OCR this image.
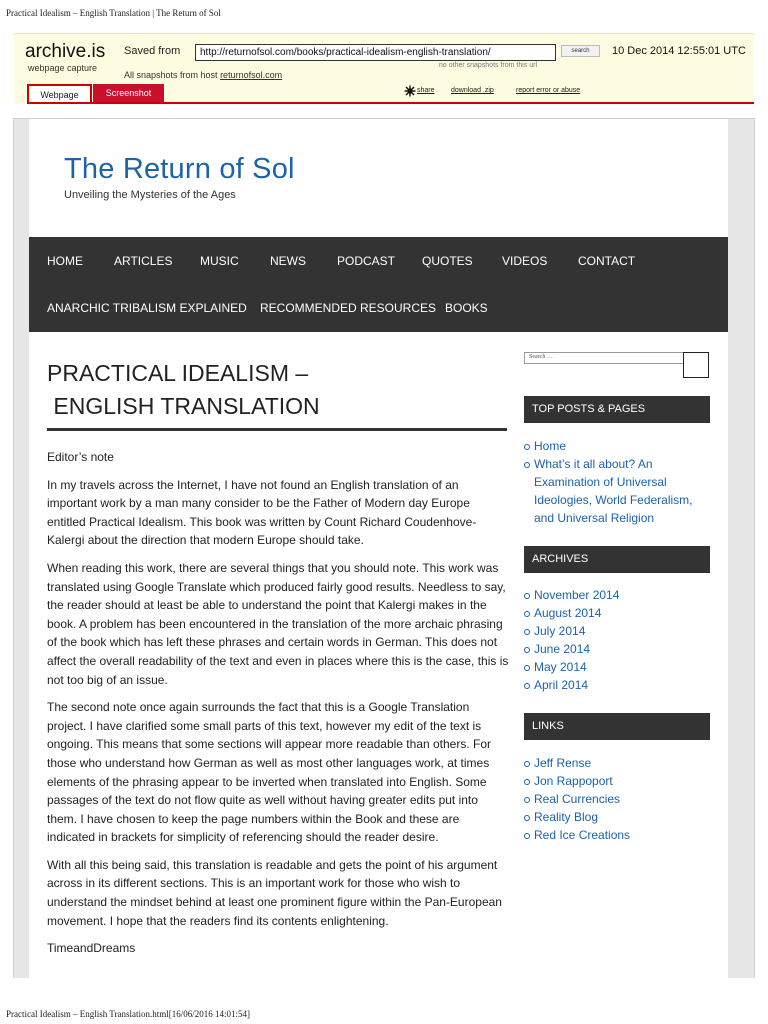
Practical Idealism – English Translation | The Return of Sol
archive.is
webpage capture
Saved from	http://returnofsol.com/books/practical-idealism-english-translation/	search	10 Dec 2014 12:55:01 UTC
no other snapshots from this url
All snapshots from host returnofsol.com
Webpage	Screenshot	share download .zip	report error or abuse
The Return of Sol
Unveiling the Mysteries of the Ages
HOME	ARTICLES MUSIC	NEWS	PODCAST QUOTES VIDEOS	CONTACT
ANARCHIC TRIBALISM EXPLAINED RECOMMENDED RESOURCES BOOKS
PRACTICAL IDEALISM –
ENGLISH TRANSLATION

Editor’s note

In my travels across the Internet, I have not found an English translation of an important work by a man many consider to be the Father of Modern day Europe entitled Practical Idealism. This book was written by Count Richard Coudenhove-Kalergi about the direction that modern Europe should take.

When reading this work, there are several things that you should note. This work was translated using Google Translate which produced fairly good results. Needless to say, the reader should at least be able to understand the point that Kalergi makes in the book. A problem has been encountered in the translation of the more archaic phrasing of the book which has left these phrases and certain words in German. This does not affect the overall readability of the text and even in places where this is the case, this is not too big of an issue.

The second note once again surrounds the fact that this is a Google Translation project. I have clarified some small parts of this text, however my edit of the text is ongoing. This means that some sections will appear more readable than others. For those who understand how German as well as most other languages work, at times elements of the phrasing appear to be inverted when translated into English. Some passages of the text do not flow quite as well without having greater edits put into them. I have chosen to keep the page numbers within the Book and these are indicated in brackets for simplicity of referencing should the reader desire.

With all this being said, this translation is readable and gets the point of his argument across in its different sections. This is an important work for those who wish to understand the mindset behind at least one prominent figure within the Pan-European movement. I hope that the readers find its contents enlightening.

TimeandDreams

Search …
TOP POSTS & PAGES
Home
What’s it all about? An Examination of Universal Ideologies, World Federalism, and Universal Religion
ARCHIVES
November 2014
August 2014
July 2014
June 2014
May 2014
April 2014
LINKS
Jeff Rense
Jon Rappoport
Real Currencies
Reality Blog
Red Ice Creations
Practical Idealism – English Translation.html[16/06/2016 14:01:54]
